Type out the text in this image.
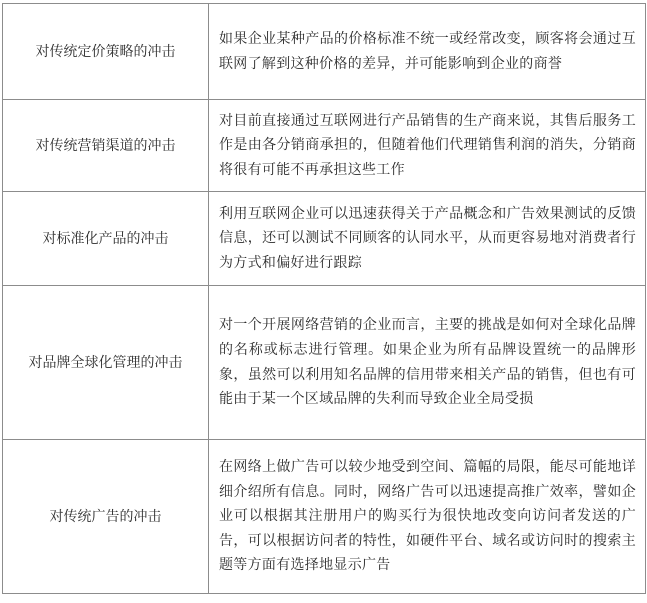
对传统定价策略的冲击	如果企业某种产品的价格标准不统一或经常改变，顾客将会通过互联网了解到这种价格的差异，并可能影响到企业的商誉
对传统营销渠道的冲击	对目前直接通过互联网进行产品销售的生产商来说，其售后服务工作是由各分销商承担的，但随着他们代理销售利润的消失，分销商将很有可能不再承担这些工作
对标准化产品的冲击	利用互联网企业可以迅速获得关于产品概念和广告效果测试的反馈信息，还可以测试不同顾客的认同水平，从而更容易地对消费者行为方式和偏好进行跟踪
对品牌全球化管理的冲击	对一个开展网络营销的企业而言，主要的挑战是如何对全球化品牌的名称或标志进行管理。如果企业为所有品牌设置统一的品牌形象，虽然可以利用知名品牌的信用带来相关产品的销售，但也有可能由于某一个区域品牌的失利而导致企业全局受损
对传统广告的冲击	在网络上做广告可以较少地受到空间、篇幅的局限，能尽可能地详细介绍所有信息。同时，网络广告可以迅速提高推广效率，譬如企业可以根据其注册用户的购买行为很快地改变向访问者发送的广告，可以根据访问者的特性，如硬件平台、域名或访问时的搜索主题等方面有选择地显示广告
